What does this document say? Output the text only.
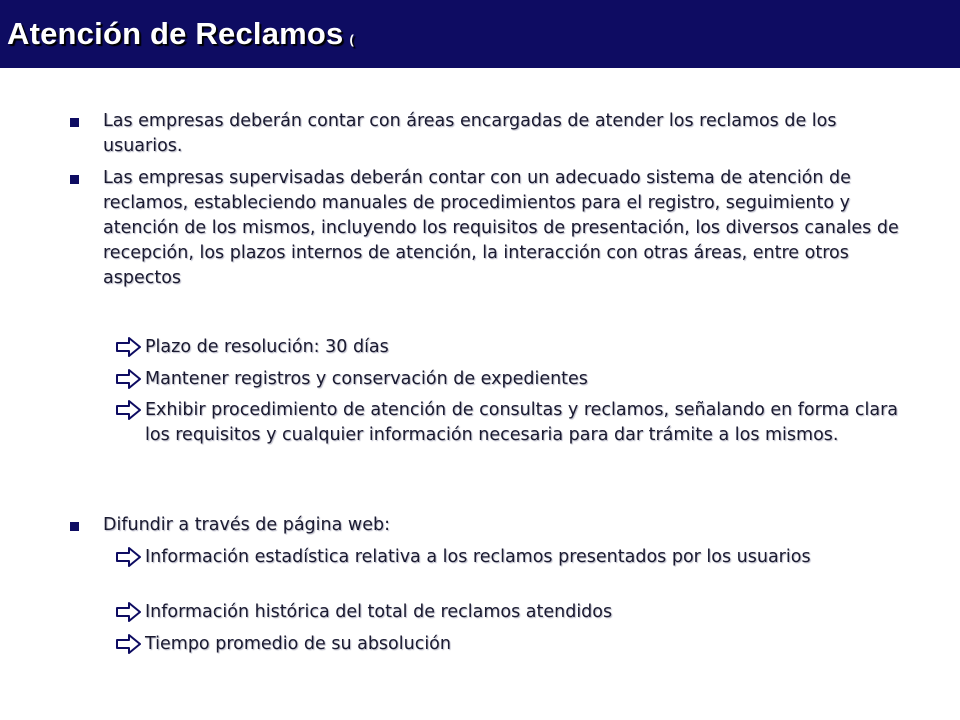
Atención de Reclamos (
Las empresas deberán contar con áreas encargadas de atender los reclamos de los usuarios.
Las empresas supervisadas deberán contar con un adecuado sistema de atención de reclamos, estableciendo manuales de procedimientos para el registro, seguimiento y atención de los mismos, incluyendo los requisitos de presentación, los diversos canales de recepción, los plazos internos de atención, la interacción con otras áreas, entre otros aspectos
Plazo de resolución: 30 días
Mantener registros y conservación de expedientes
Exhibir procedimiento de atención de consultas y reclamos, señalando en forma clara los requisitos y cualquier información necesaria para dar trámite a los mismos.
Difundir a través de página web:
Información estadística relativa a los reclamos presentados por los usuarios
Información histórica del total de reclamos atendidos
Tiempo promedio de su absolución
